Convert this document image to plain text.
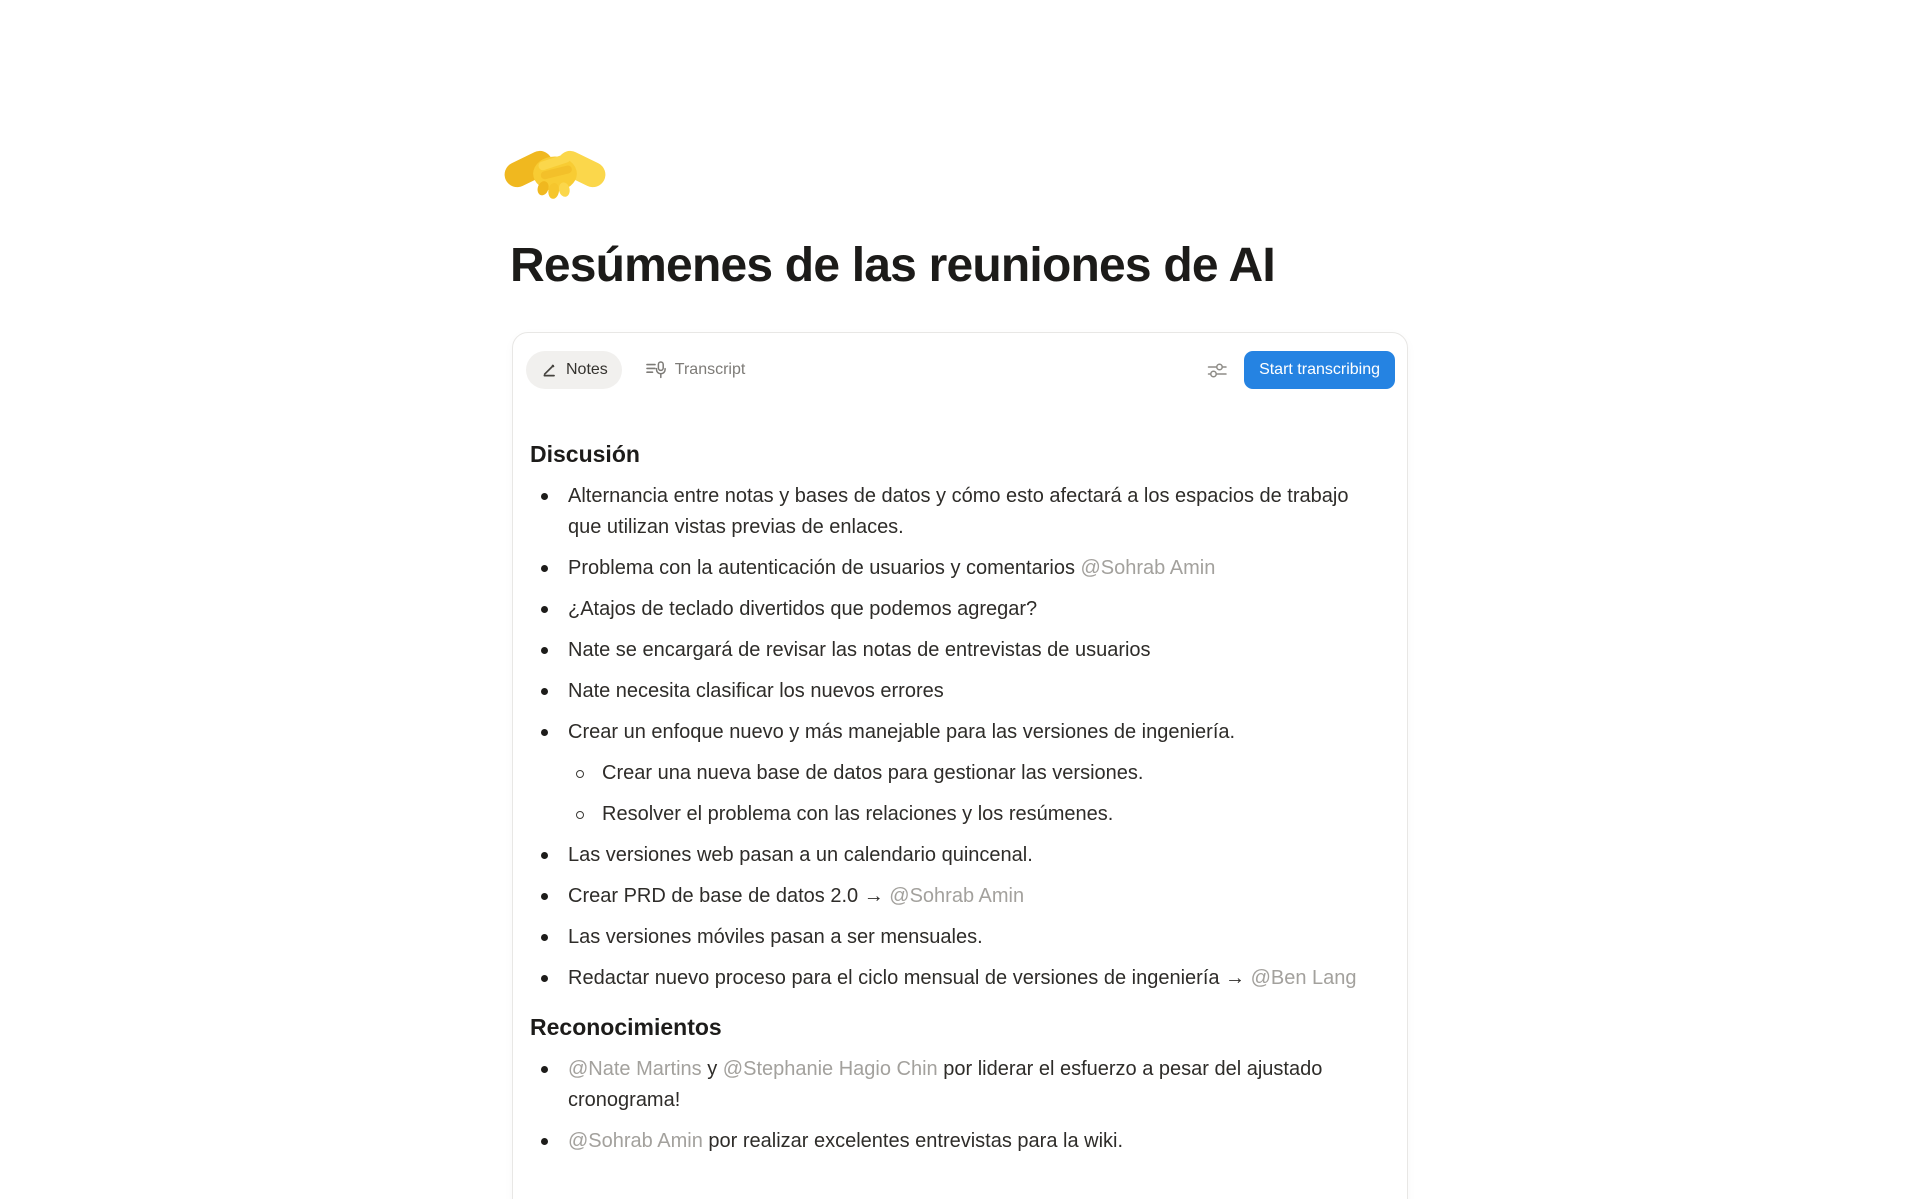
Resúmenes de las reuniones de AI
Notes	Transcript	Start transcribing
Discusión
Alternancia entre notas y bases de datos y cómo esto afectará a los espacios de trabajo que utilizan vistas previas de enlaces.
Problema con la autenticación de usuarios y comentarios @Sohrab Amin
¿Atajos de teclado divertidos que podemos agregar?
Nate se encargará de revisar las notas de entrevistas de usuarios
Nate necesita clasificar los nuevos errores
Crear un enfoque nuevo y más manejable para las versiones de ingeniería.
Crear una nueva base de datos para gestionar las versiones.
Resolver el problema con las relaciones y los resúmenes.
Las versiones web pasan a un calendario quincenal.
Crear PRD de base de datos 2.0 → @Sohrab Amin
Las versiones móviles pasan a ser mensuales.
Redactar nuevo proceso para el ciclo mensual de versiones de ingeniería → @Ben Lang
Reconocimientos
@Nate Martins y @Stephanie Hagio Chin por liderar el esfuerzo a pesar del ajustado cronograma!
@Sohrab Amin por realizar excelentes entrevistas para la wiki.
